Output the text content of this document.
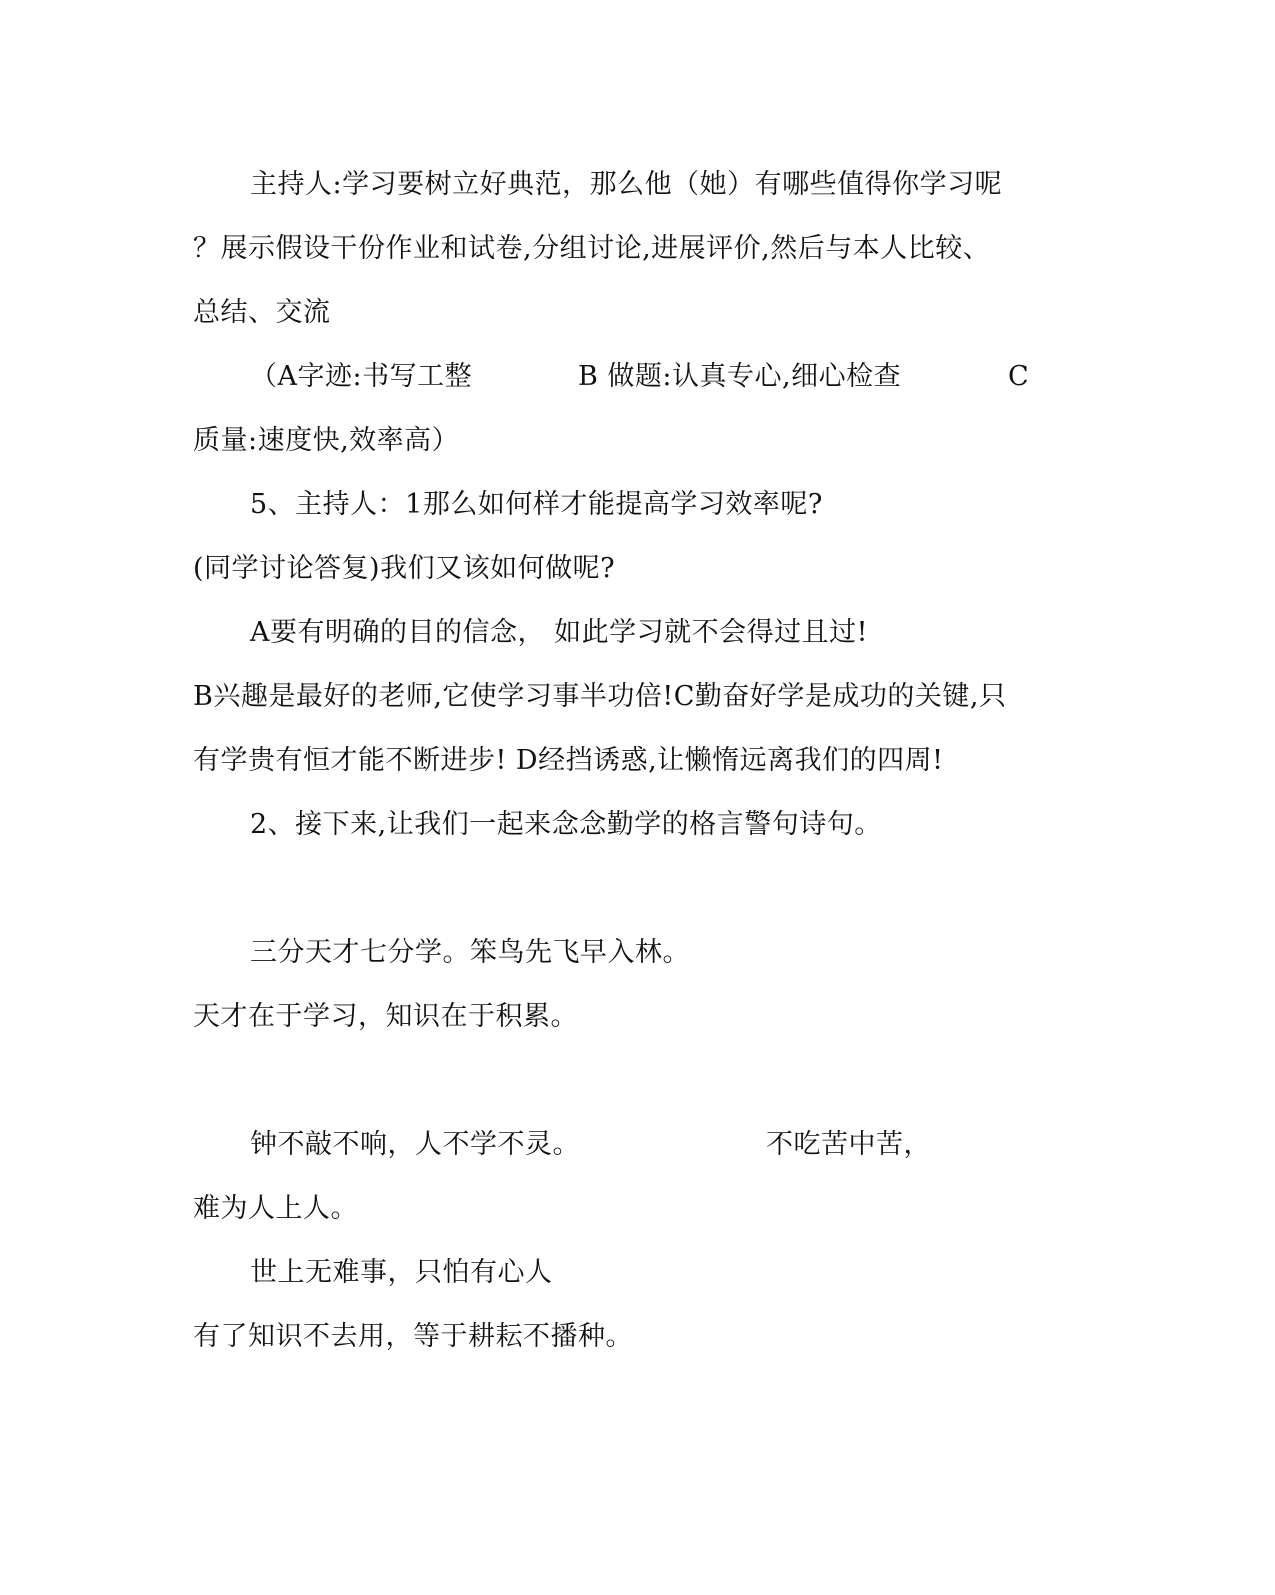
主持人:学习要树立好典范，那么他（她）有哪些值得你学习呢
？展示假设干份作业和试卷,分组讨论,进展评价,然后与本人比较、
总结、交流
（A字迹:书写工整	B 做题:认真专心,细心检查	C
质量:速度快,效率高）
5、主持人：1那么如何样才能提高学习效率呢?
(同学讨论答复)我们又该如何做呢?
A要有明确的目的信念， 如此学习就不会得过且过!
B兴趣是最好的老师,它使学习事半功倍!C勤奋好学是成功的关键,只
有学贵有恒才能不断进步! D经挡诱惑,让懒惰远离我们的四周!
2、接下来,让我们一起来念念勤学的格言警句诗句。
三分天才七分学。笨鸟先飞早入林。
天才在于学习，知识在于积累。
钟不敲不响，人不学不灵。	不吃苦中苦，
难为人上人。
世上无难事，只怕有心人
有了知识不去用，等于耕耘不播种。
